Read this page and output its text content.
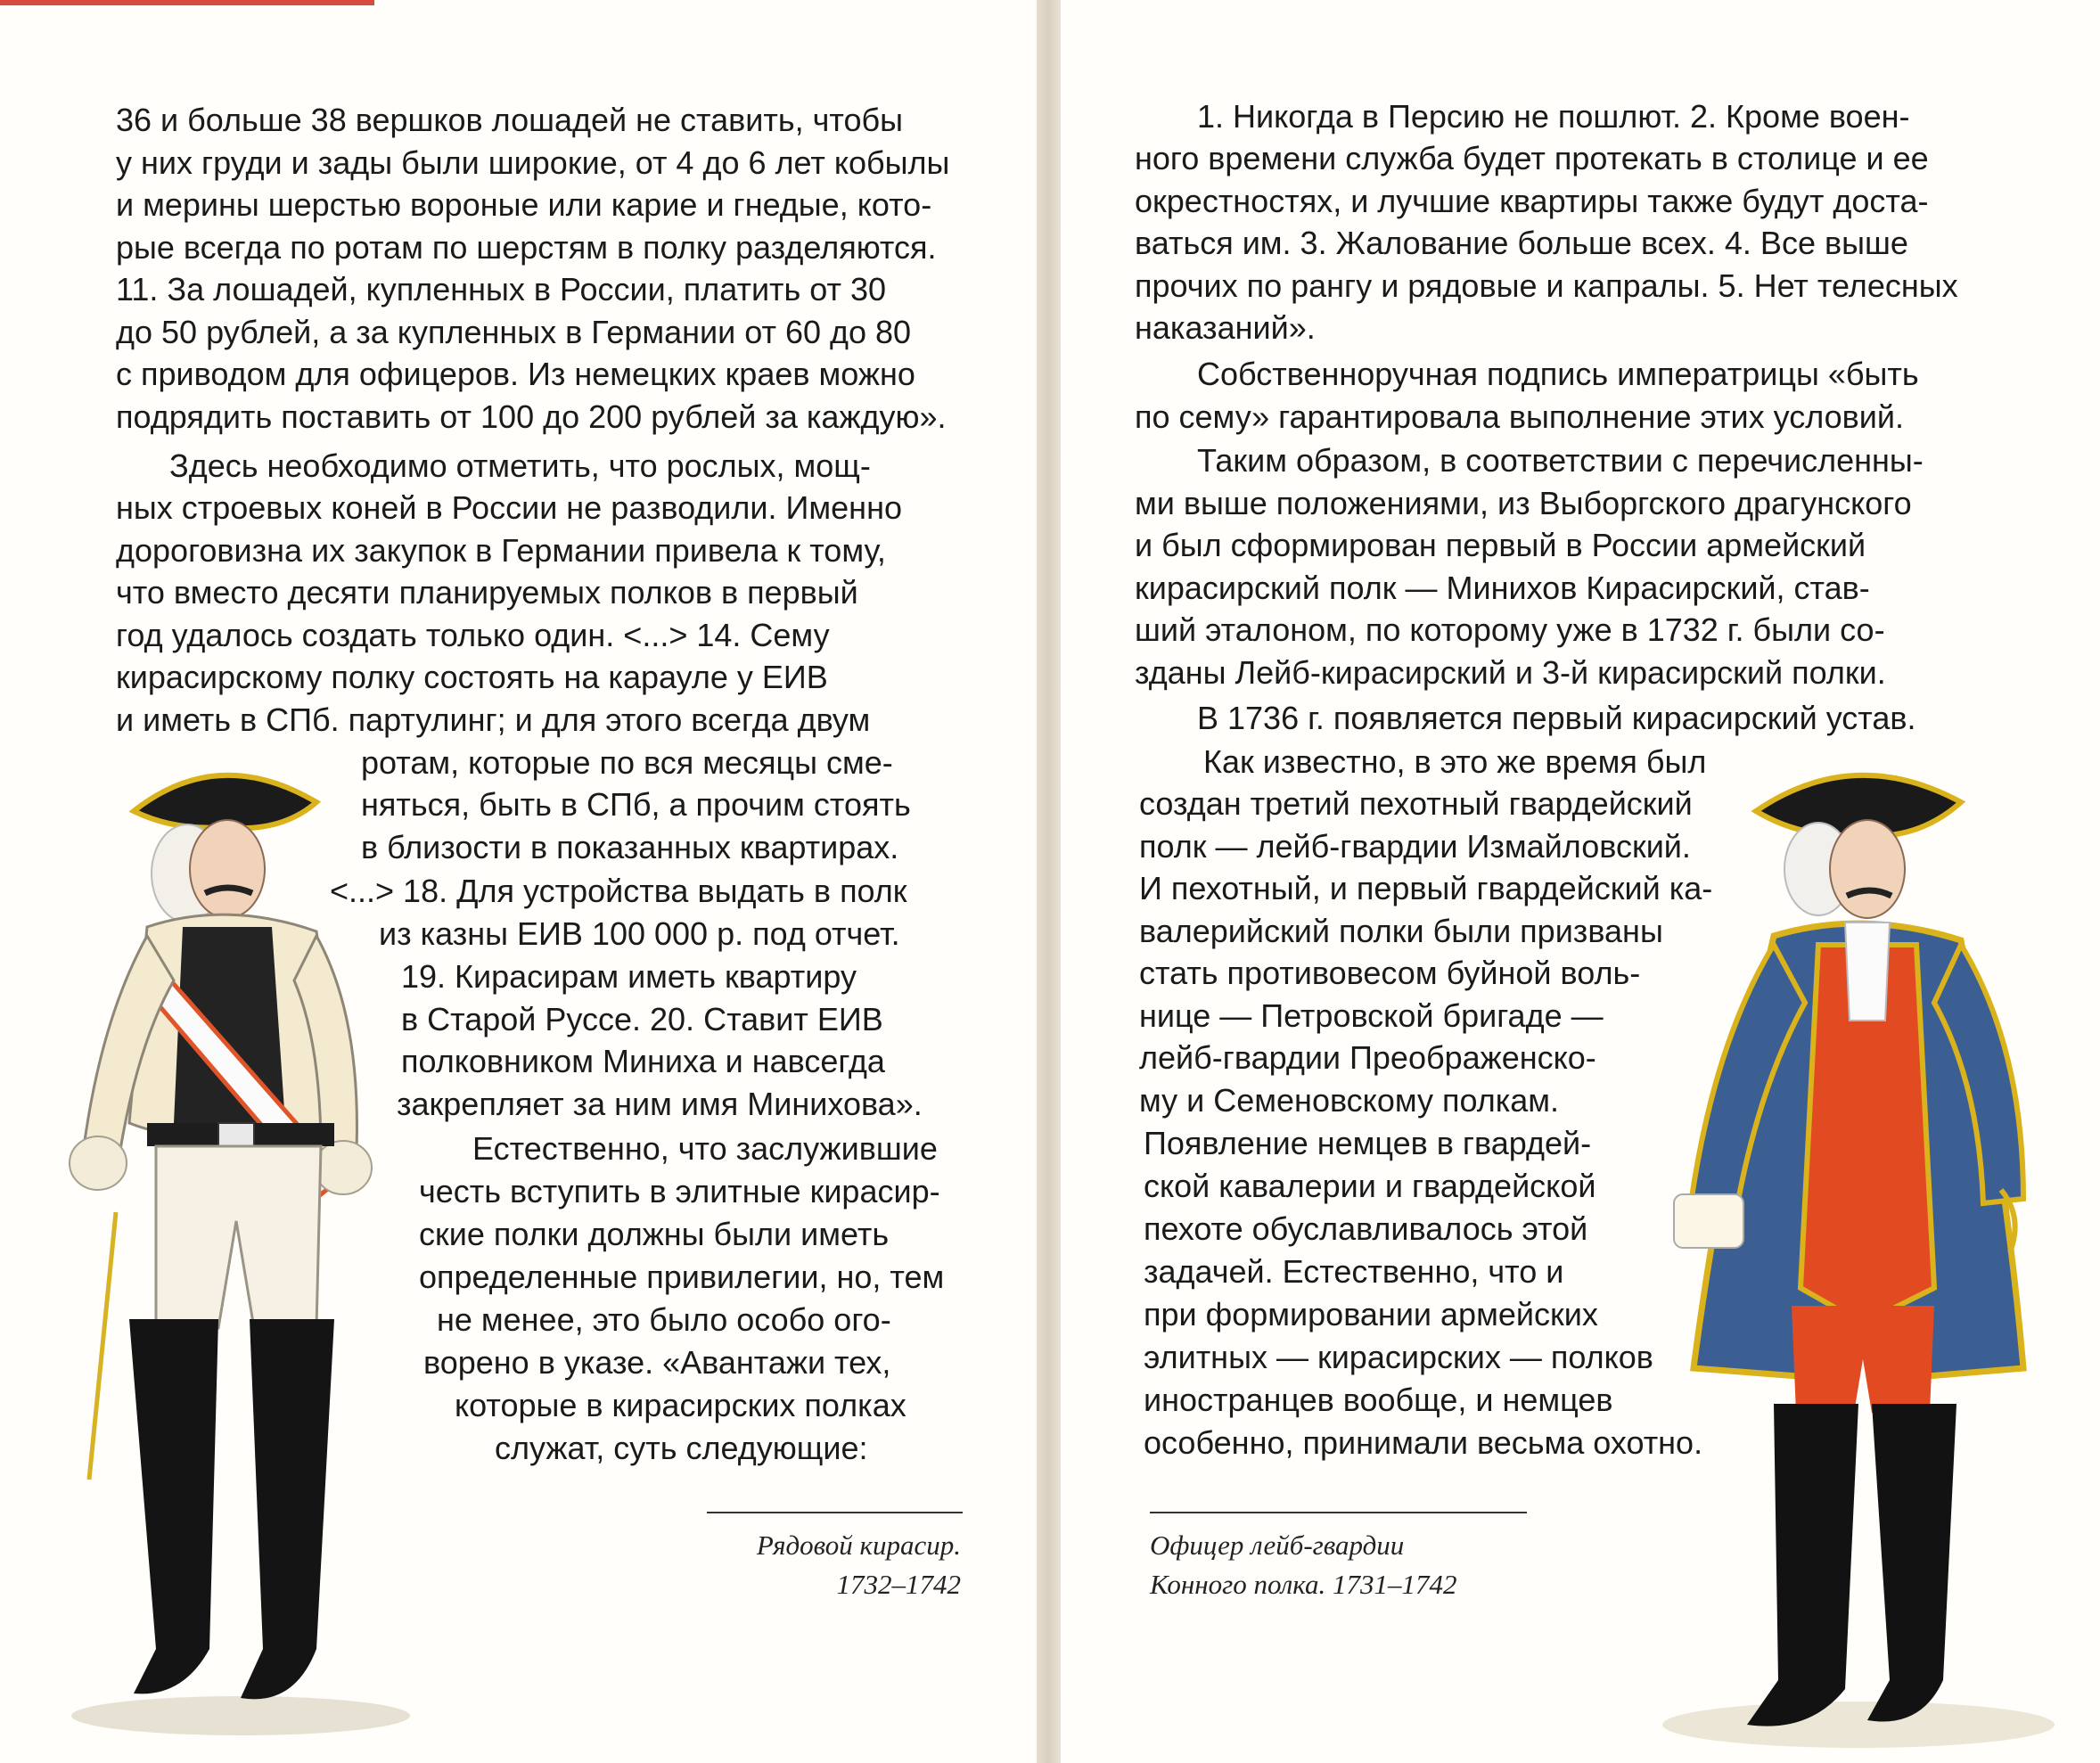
Рядовой кирасир.
1732–1742
Офицер лейб-гвардии
Конного полка. 1731–1742
36 и больше 38 вершков лошадей не ставить, чтобы
у них груди и зады были широкие, от 4 до 6 лет кобылы
и мерины шерстью вороные или карие и гнедые, кото-
рые всегда по ротам по шерстям в полку разделяются.
11. За лошадей, купленных в России, платить от 30
до 50 рублей, а за купленных в Германии от 60 до 80
с приводом для офицеров. Из немецких краев можно
подрядить поставить от 100 до 200 рублей за каждую».
Здесь необходимо отметить, что рослых, мощ-
ных строевых коней в России не разводили. Именно
дороговизна их закупок в Германии привела к тому,
что вместо десяти планируемых полков в первый
год удалось создать только один. <...> 14. Сему
кирасирскому полку состоять на карауле у ЕИВ
и иметь в СПб. партулинг; и для этого всегда двум
ротам, которые по вся месяцы сме-
няться, быть в СПб, а прочим стоять
в близости в показанных квартирах.
<...> 18. Для устройства выдать в полк
из казны ЕИВ 100 000 р. под отчет.
19. Кирасирам иметь квартиру
в Старой Руссе. 20. Ставит ЕИВ
полковником Миниха и навсегда
закрепляет за ним имя Минихова».
Естественно, что заслужившие
честь вступить в элитные кирасир-
ские полки должны были иметь
определенные привилегии, но, тем
не менее, это было особо ого-
ворено в указе. «Авантажи тех,
которые в кирасирских полках
служат, суть следующие:
1. Никогда в Персию не пошлют. 2. Кроме воен-
ного времени служба будет протекать в столице и ее
окрестностях, и лучшие квартиры также будут доста-
ваться им. 3. Жалование больше всех. 4. Все выше
прочих по рангу и рядовые и капралы. 5. Нет телесных
наказаний».
Собственноручная подпись императрицы «быть
по сему» гарантировала выполнение этих условий.
Таким образом, в соответствии с перечисленны-
ми выше положениями, из Выборгского драгунского
и был сформирован первый в России армейский
кирасирский полк — Минихов Кирасирский, став-
ший эталоном, по которому уже в 1732 г. были со-
зданы Лейб-кирасирский и 3-й кирасирский полки.
В 1736 г. появляется первый кирасирский устав.
Как известно, в это же время был
создан третий пехотный гвардейский
полк — лейб-гвардии Измайловский.
И пехотный, и первый гвардейский ка-
валерийский полки были призваны
стать противовесом буйной воль-
нице — Петровской бригаде —
лейб-гвардии Преображенско-
му и Семеновскому полкам.
Появление немцев в гвардей-
ской кавалерии и гвардейской
пехоте обуславливалось этой
задачей. Естественно, что и
при формировании армейских
элитных — кирасирских — полков
иностранцев вообще, и немцев
особенно, принимали весьма охотно.
